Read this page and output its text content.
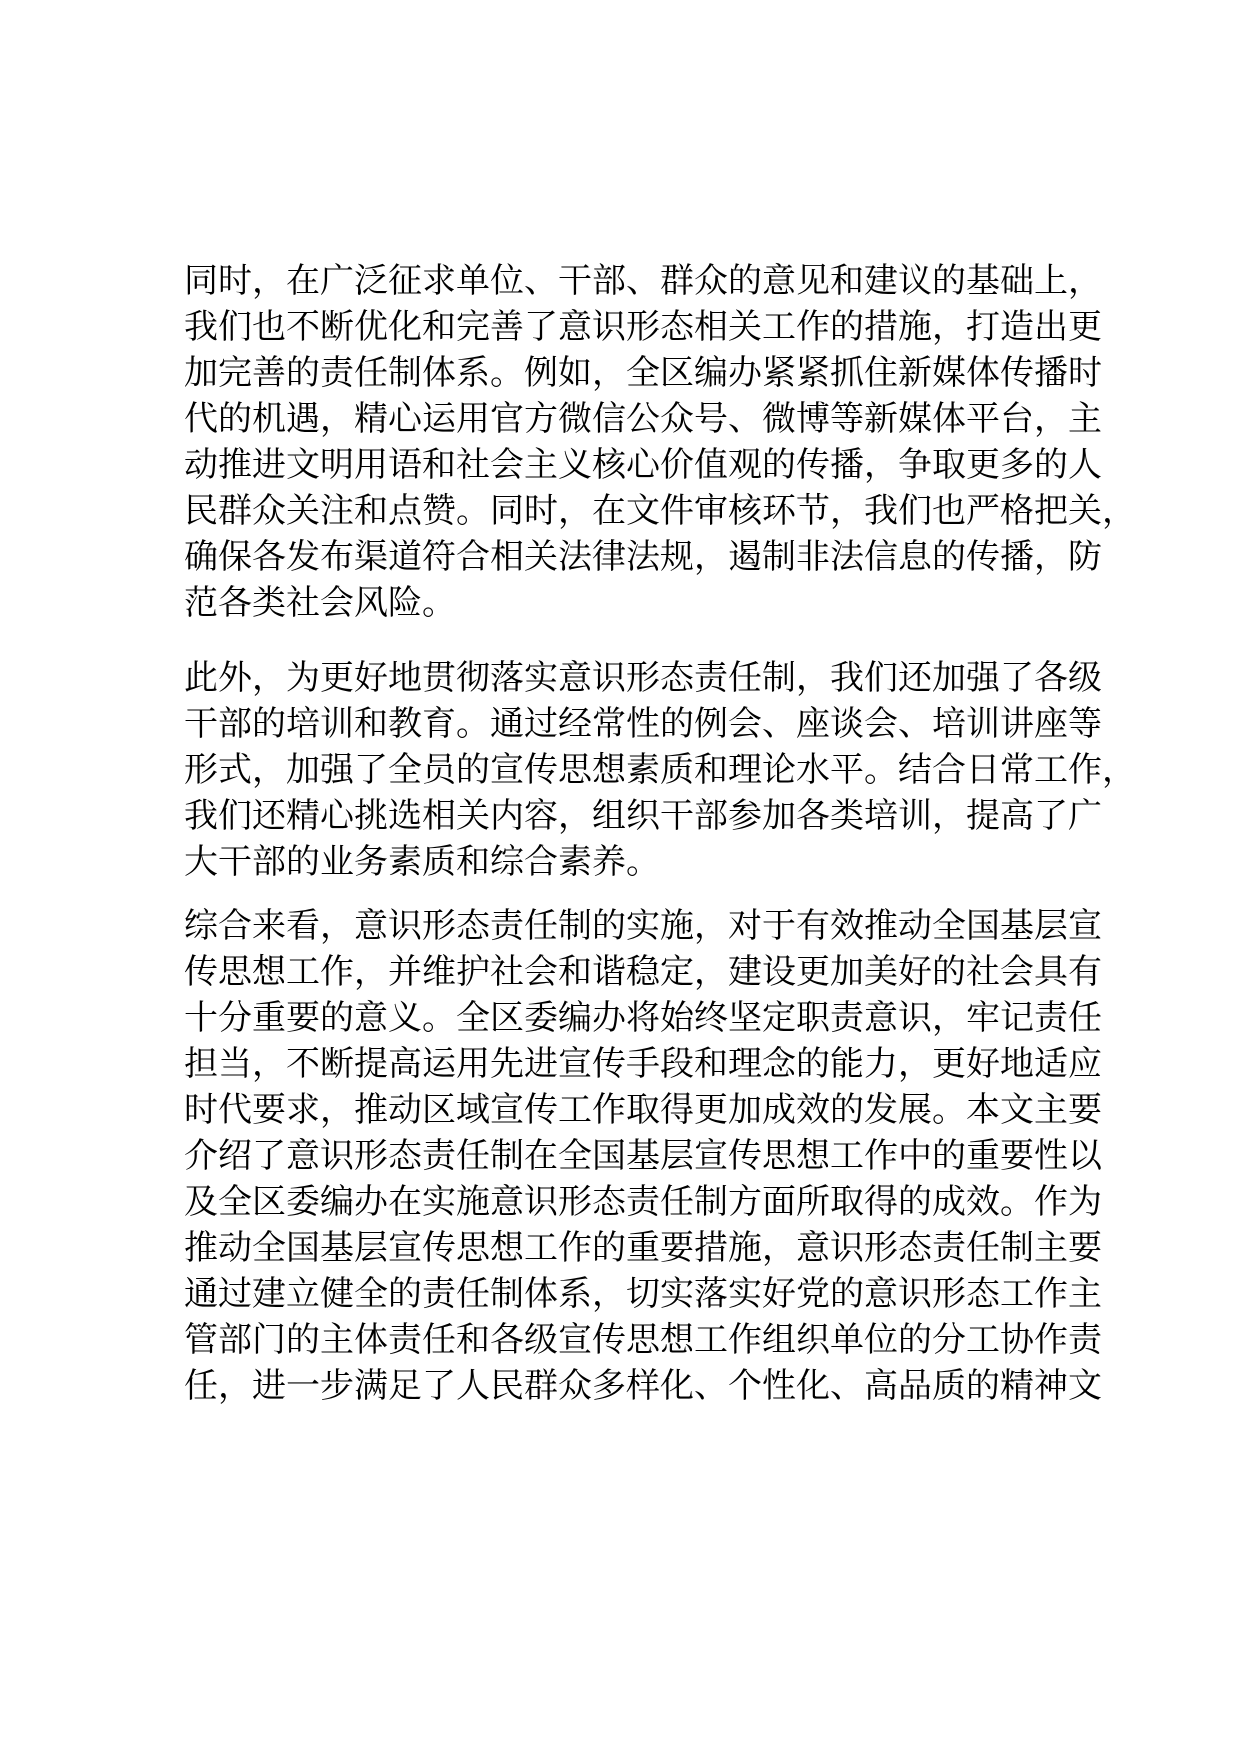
同时，在广泛征求单位、干部、群众的意见和建议的基础上，
我们也不断优化和完善了意识形态相关工作的措施，打造出更
加完善的责任制体系。例如，全区编办紧紧抓住新媒体传播时
代的机遇，精心运用官方微信公众号、微博等新媒体平台，主
动推进文明用语和社会主义核心价值观的传播，争取更多的人
民群众关注和点赞。同时，在文件审核环节，我们也严格把关，
确保各发布渠道符合相关法律法规，遏制非法信息的传播，防
范各类社会风险。
此外，为更好地贯彻落实意识形态责任制，我们还加强了各级
干部的培训和教育。通过经常性的例会、座谈会、培训讲座等
形式，加强了全员的宣传思想素质和理论水平。结合日常工作，
我们还精心挑选相关内容，组织干部参加各类培训，提高了广
大干部的业务素质和综合素养。
综合来看，意识形态责任制的实施，对于有效推动全国基层宣
传思想工作，并维护社会和谐稳定，建设更加美好的社会具有
十分重要的意义。全区委编办将始终坚定职责意识，牢记责任
担当，不断提高运用先进宣传手段和理念的能力，更好地适应
时代要求，推动区域宣传工作取得更加成效的发展。本文主要
介绍了意识形态责任制在全国基层宣传思想工作中的重要性以
及全区委编办在实施意识形态责任制方面所取得的成效。作为
推动全国基层宣传思想工作的重要措施，意识形态责任制主要
通过建立健全的责任制体系，切实落实好党的意识形态工作主
管部门的主体责任和各级宣传思想工作组织单位的分工协作责
任，进一步满足了人民群众多样化、个性化、高品质的精神文
